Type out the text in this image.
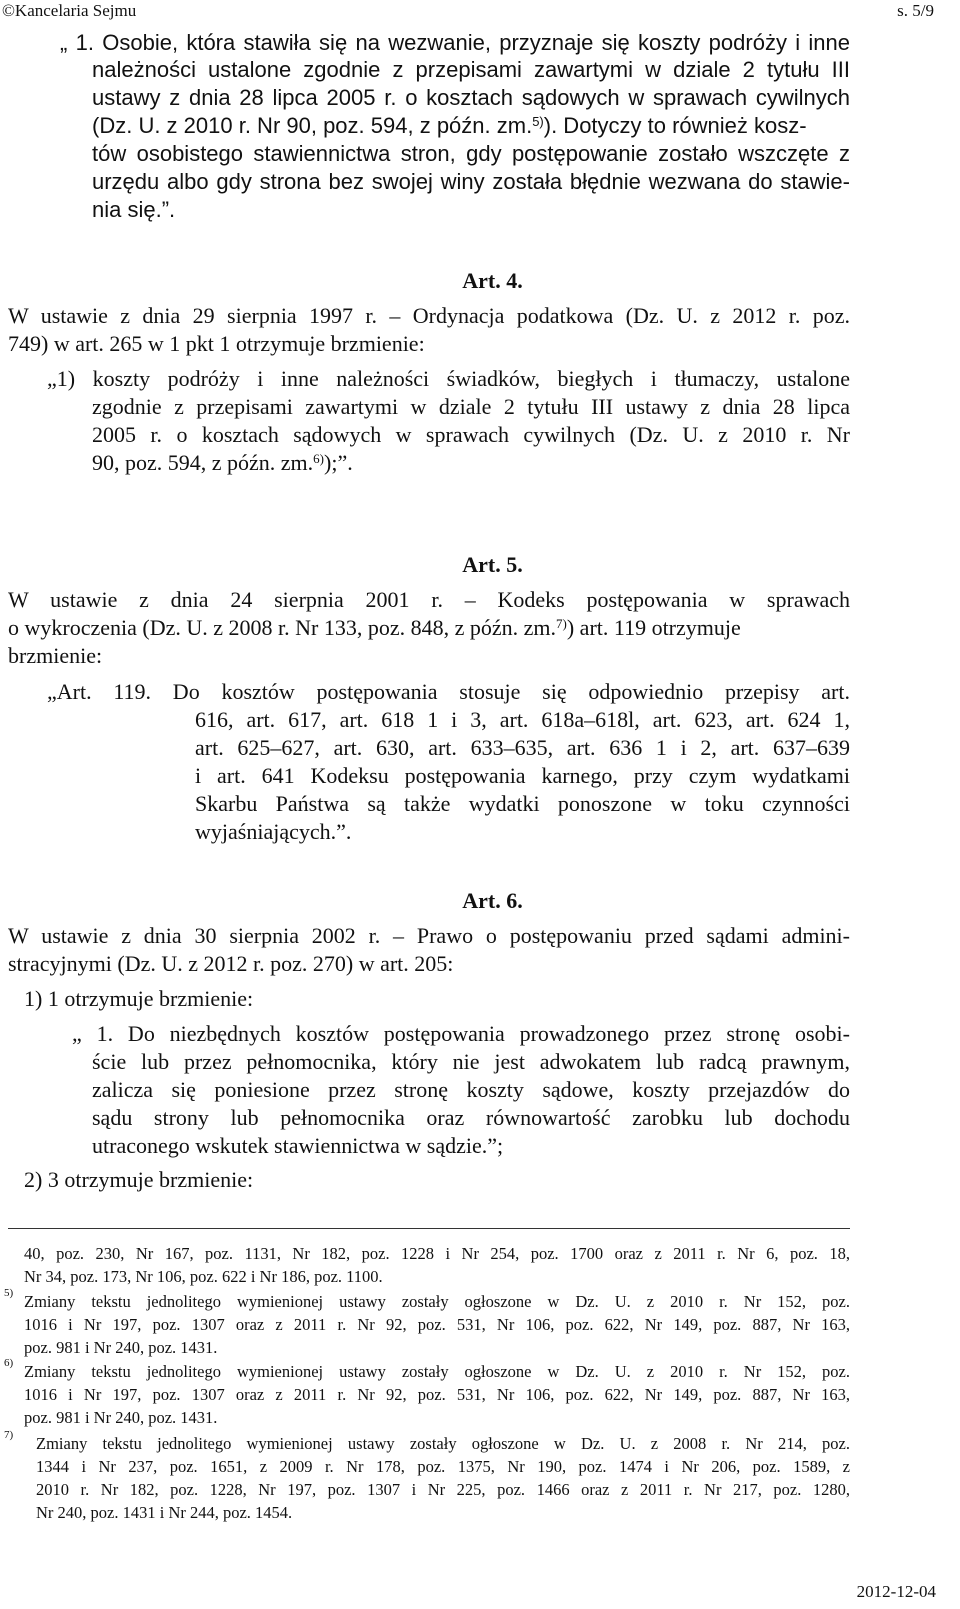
©Kancelaria Sejmu	s. 5/9
„ 1. Osobie, która stawiła się na wezwanie, przyznaje się koszty podróży i inne
należności ustalone zgodnie z przepisami zawartymi w dziale 2 tytułu III
ustawy z dnia 28 lipca 2005 r. o kosztach sądowych w sprawach cywilnych
(Dz. U. z 2010 r. Nr 90, poz. 594, z późn. zm.$^{5)}$). Dotyczy to również kosz-
tów osobistego stawiennictwa stron, gdy postępowanie zostało wszczęte z
urzędu albo gdy strona bez swojej winy została błędnie wezwana do stawie-
nia się.”.
Art. 4.
W ustawie z dnia 29 sierpnia 1997 r. – Ordynacja podatkowa (Dz. U. z 2012 r. poz.
749) w art. 265 w 1 pkt 1 otrzymuje brzmienie:
„1) koszty podróży i inne należności świadków, biegłych i tłumaczy, ustalone
zgodnie z przepisami zawartymi w dziale 2 tytułu III ustawy z dnia 28 lipca
2005 r. o kosztach sądowych w sprawach cywilnych (Dz. U. z 2010 r. Nr
90, poz. 594, z późn. zm.$^{6)}$);”.
Art. 5.
W ustawie z dnia 24 sierpnia 2001 r. – Kodeks postępowania w sprawach
o wykroczenia (Dz. U. z 2008 r. Nr 133, poz. 848, z późn. zm.$^{7)}$) art. 119 otrzymuje
brzmienie:
„Art. 119. Do kosztów postępowania stosuje się odpowiednio przepisy art.
616, art. 617, art. 618 1 i 3, art. 618a–618l, art. 623, art. 624 1,
art. 625–627, art. 630, art. 633–635, art. 636 1 i 2, art. 637–639
i art. 641 Kodeksu postępowania karnego, przy czym wydatkami
Skarbu Państwa są także wydatki ponoszone w toku czynności
wyjaśniających.”.
Art. 6.
W ustawie z dnia 30 sierpnia 2002 r. – Prawo o postępowaniu przed sądami admini-
stracyjnymi (Dz. U. z 2012 r. poz. 270) w art. 205:
1) 1 otrzymuje brzmienie:
„ 1. Do niezbędnych kosztów postępowania prowadzonego przez stronę osobi-
ście lub przez pełnomocnika, który nie jest adwokatem lub radcą prawnym,
zalicza się poniesione przez stronę koszty sądowe, koszty przejazdów do
sądu strony lub pełnomocnika oraz równowartość zarobku lub dochodu
utraconego wskutek stawiennictwa w sądzie.”;
2) 3 otrzymuje brzmienie:
40, poz. 230, Nr 167, poz. 1131, Nr 182, poz. 1228 i Nr 254, poz. 1700 oraz z 2011 r. Nr 6, poz. 18,
Nr 34, poz. 173, Nr 106, poz. 622 i Nr 186, poz. 1100.
5) Zmiany tekstu jednolitego wymienionej ustawy zostały ogłoszone w Dz. U. z 2010 r. Nr 152, poz.
1016 i Nr 197, poz. 1307 oraz z 2011 r. Nr 92, poz. 531, Nr 106, poz. 622, Nr 149, poz. 887, Nr 163,
poz. 981 i Nr 240, poz. 1431.
6) Zmiany tekstu jednolitego wymienionej ustawy zostały ogłoszone w Dz. U. z 2010 r. Nr 152, poz.
1016 i Nr 197, poz. 1307 oraz z 2011 r. Nr 92, poz. 531, Nr 106, poz. 622, Nr 149, poz. 887, Nr 163,
poz. 981 i Nr 240, poz. 1431.
7) Zmiany tekstu jednolitego wymienionej ustawy zostały ogłoszone w Dz. U. z 2008 r. Nr 214, poz.
1344 i Nr 237, poz. 1651, z 2009 r. Nr 178, poz. 1375, Nr 190, poz. 1474 i Nr 206, poz. 1589, z
2010 r. Nr 182, poz. 1228, Nr 197, poz. 1307 i Nr 225, poz. 1466 oraz z 2011 r. Nr 217, poz. 1280,
Nr 240, poz. 1431 i Nr 244, poz. 1454.
2012-12-04
